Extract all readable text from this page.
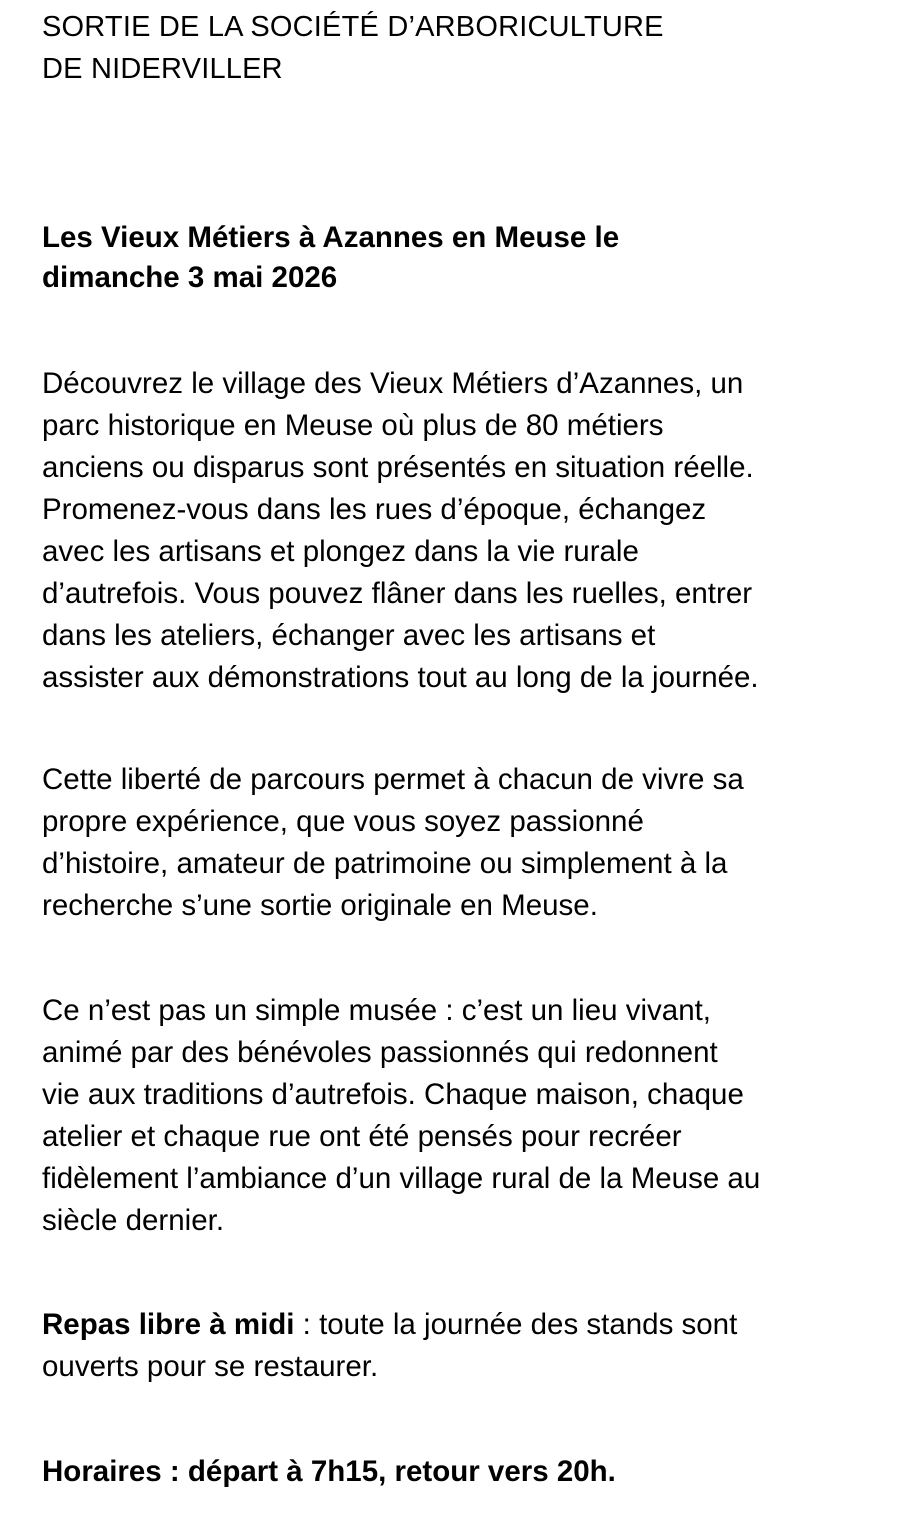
SORTIE DE LA SOCIÉTÉ D’ARBORICULTURE
DE NIDERVILLER
Les Vieux Métiers à Azannes en Meuse le
dimanche 3 mai 2026
Découvrez le village des Vieux Métiers d’Azannes, un
parc historique en Meuse où plus de 80 métiers
anciens ou disparus sont présentés en situation réelle.
Promenez-vous dans les rues d’époque, échangez
avec les artisans et plongez dans la vie rurale
d’autrefois. Vous pouvez flâner dans les ruelles, entrer
dans les ateliers, échanger avec les artisans et
assister aux démonstrations tout au long de la journée.
Cette liberté de parcours permet à chacun de vivre sa
propre expérience, que vous soyez passionné
d’histoire, amateur de patrimoine ou simplement à la
recherche s’une sortie originale en Meuse.
Ce n’est pas un simple musée : c’est un lieu vivant,
animé par des bénévoles passionnés qui redonnent
vie aux traditions d’autrefois. Chaque maison, chaque
atelier et chaque rue ont été pensés pour recréer
fidèlement l’ambiance d’un village rural de la Meuse au
siècle dernier.
Repas libre à midi : toute la journée des stands sont
ouverts pour se restaurer.
Horaires : départ à 7h15, retour vers 20h.
